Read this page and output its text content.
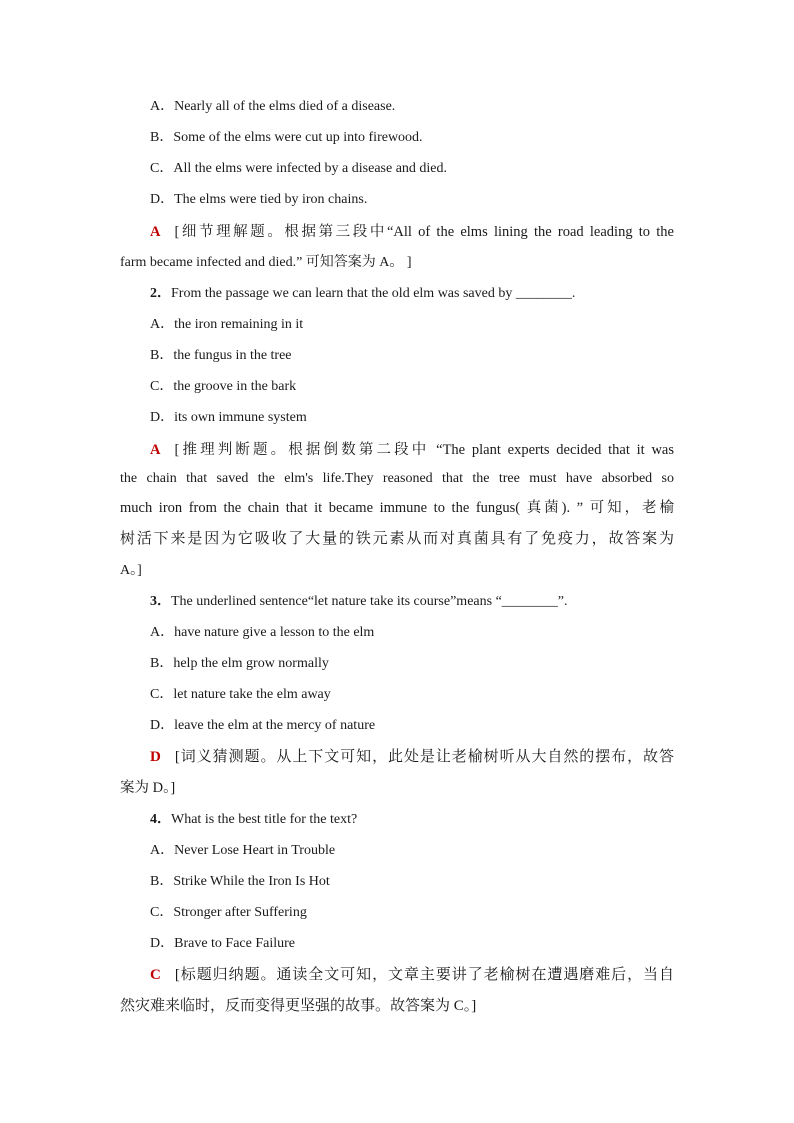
A．Nearly all of the elms died of a disease.
B．Some of the elms were cut up into firewood.
C．All the elms were infected by a disease and died.
D．The elms were tied by iron chains.
A [细节理解题。根据第三段中“All of the elms lining the road leading to the
farm became infected and died.” 可知答案为 A。 ]
2．From the passage we can learn that the old elm was saved by ________.
A．the iron remaining in it
B．the fungus in the tree
C．the groove in the bark
D．its own immune system
A [推理判断题。根据倒数第二段中 “The plant experts decided that it was
the chain that saved the elm's life.They reasoned that the tree must have absorbed so
much iron from the chain that it became immune to the fungus( 真菌). ” 可知，老榆
树活下来是因为它吸收了大量的铁元素从而对真菌具有了免疫力，故答案为
A。]
3．The underlined sentence“let nature take its course”means “________”.
A．have nature give a lesson to the elm
B．help the elm grow normally
C．let nature take the elm away
D．leave the elm at the mercy of nature
D [词义猜测题。从上下文可知，此处是让老榆树听从大自然的摆布，故答
案为 D。]
4．What is the best title for the text?
A．Never Lose Heart in Trouble
B．Strike While the Iron Is Hot
C．Stronger after Suffering
D．Brave to Face Failure
C [标题归纳题。通读全文可知，文章主要讲了老榆树在遭遇磨难后，当自
然灾难来临时，反而变得更坚强的故事。故答案为 C。]
